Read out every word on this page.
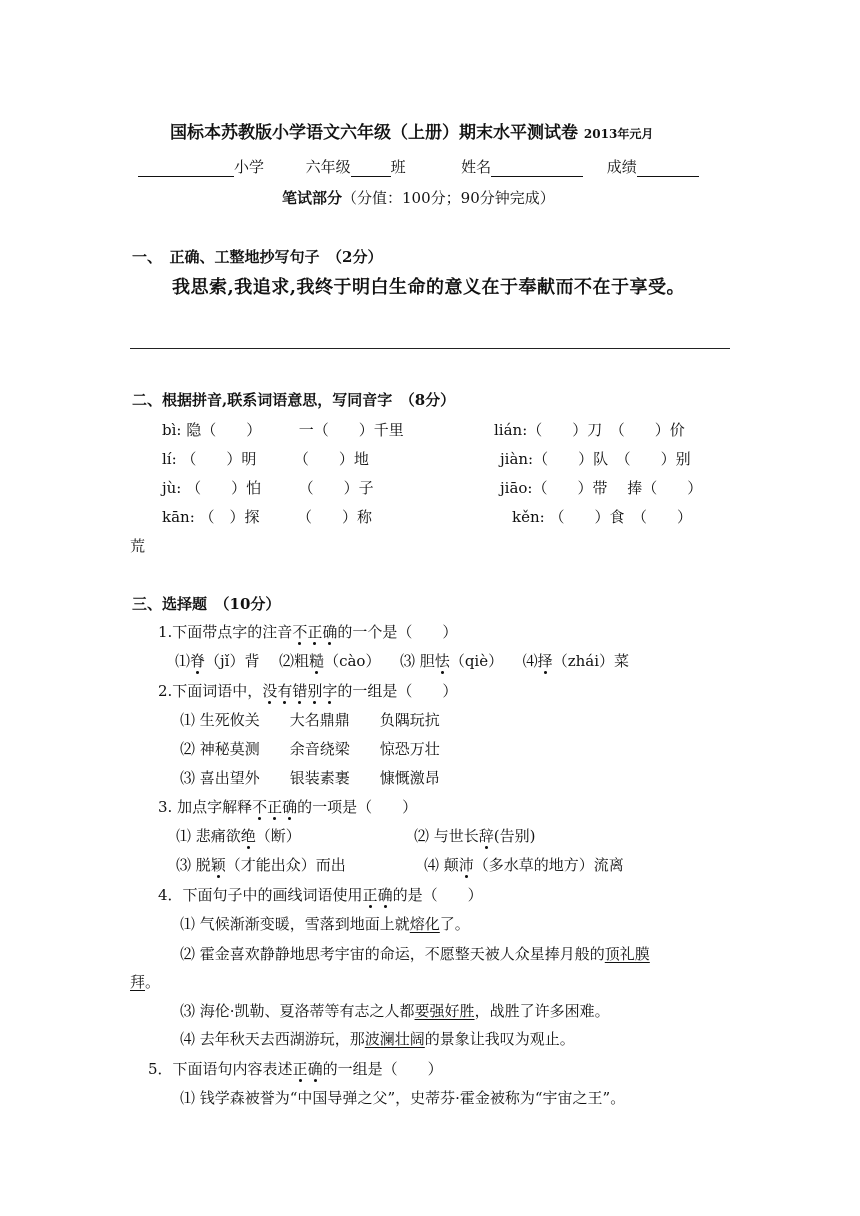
国标本苏教版小学语文六年级（上册）期末水平测试卷 2013年元月
小学	六年级	班	姓名	成绩
笔试部分（分值：100分；90分钟完成）
一、　正确、工整地抄写句子　（2分）
我思索,我追求,我终于明白生命的意义在于奉献而不在于享受。
二、根据拼音,联系词语意思，写同音字　（8分）
bì: 隐（　　）　　　一（　　）千里	lián:（　　）刀　（　　）价
lí: （　　）明　　　（　　）地	jiàn:（　　）队　（　　）别
jù: （　　）怕　　　（　　）子	jiāo:（　　）带　 捧（　　）
kān: （　）探　　　（　　）称	kěn: （　　）食　（　　）
荒
三、选择题　（10分）
1.下面带点字的注音不正确的一个是（　　）
⑴脊（jǐ）背 ⑵粗糙（cào） ⑶ 胆怯（qiè） ⑷择（zhái）菜
2.下面词语中，没有错别字的一组是（　　）
⑴ 生死攸关 大名鼎鼎 负隅玩抗
⑵ 神秘莫测 余音绕梁 惊恐万壮
⑶ 喜出望外 银装素裹 慷慨激昂
3. 加点字解释不正确的一项是（　　）
⑴ 悲痛欲绝（断）	⑵ 与世长辞(告别)
⑶ 脱颖（才能出众）而出	⑷ 颠沛（多水草的地方）流离
4．下面句子中的画线词语使用正确的是（　　）
⑴ 气候渐渐变暖，雪落到地面上就熔化了。
⑵ 霍金喜欢静静地思考宇宙的命运，不愿整天被人众星捧月般的顶礼膜
拜。
⑶ 海伦·凯勒、夏洛蒂等有志之人都要强好胜，战胜了许多困难。
⑷ 去年秋天去西湖游玩，那波澜壮阔的景象让我叹为观止。
5．下面语句内容表述正确的一组是（　　）
⑴ 钱学森被誉为“中国导弹之父”，史蒂芬·霍金被称为“宇宙之王”。
